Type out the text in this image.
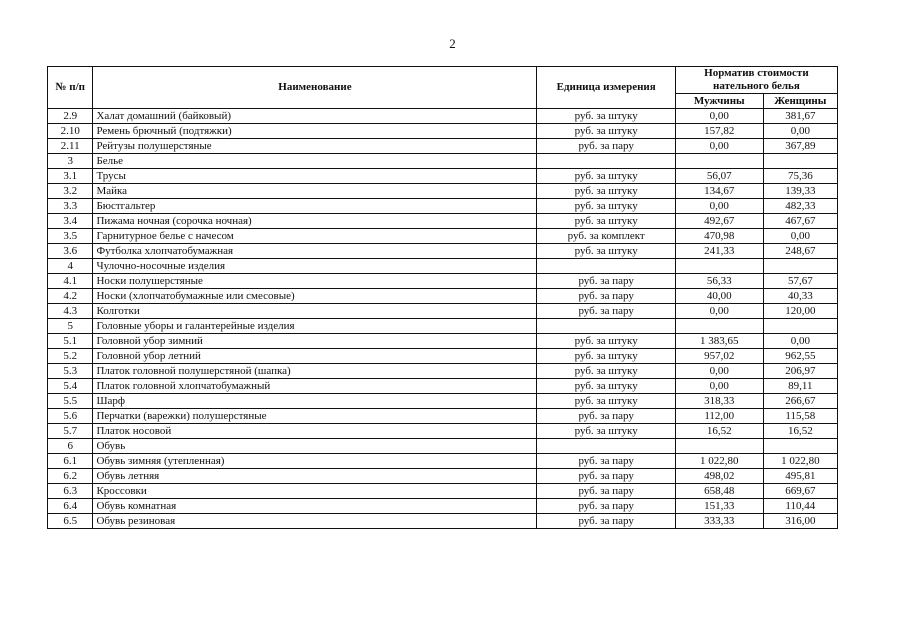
2
№ п/п	Наименование	Единица измерения	Норматив стоимости нательного белья	
			Мужчины	Женщины
2.9	Халат домашний (байковый)	руб. за штуку	0,00	381,67
2.10	Ремень брючный (подтяжки)	руб. за штуку	157,82	0,00
2.11	Рейтузы полушерстяные	руб. за пару	0,00	367,89
3	Белье			
3.1	Трусы	руб. за штуку	56,07	75,36
3.2	Майка	руб. за штуку	134,67	139,33
3.3	Бюстгальтер	руб. за штуку	0,00	482,33
3.4	Пижама ночная (сорочка ночная)	руб. за штуку	492,67	467,67
3.5	Гарнитурное белье с начесом	руб. за комплект	470,98	0,00
3.6	Футболка хлопчатобумажная	руб. за штуку	241,33	248,67
4	Чулочно-носочные изделия			
4.1	Носки полушерстяные	руб. за пару	56,33	57,67
4.2	Носки (хлопчатобумажные или смесовые)	руб. за пару	40,00	40,33
4.3	Колготки	руб. за пару	0,00	120,00
5	Головные уборы и галантерейные изделия			
5.1	Головной убор зимний	руб. за штуку	1 383,65	0,00
5.2	Головной убор летний	руб. за штуку	957,02	962,55
5.3	Платок головной полушерстяной (шапка)	руб. за штуку	0,00	206,97
5.4	Платок головной хлопчатобумажный	руб. за штуку	0,00	89,11
5.5	Шарф	руб. за штуку	318,33	266,67
5.6	Перчатки (варежки) полушерстяные	руб. за пару	112,00	115,58
5.7	Платок носовой	руб. за штуку	16,52	16,52
6	Обувь			
6.1	Обувь зимняя (утепленная)	руб. за пару	1 022,80	1 022,80
6.2	Обувь летняя	руб. за пару	498,02	495,81
6.3	Кроссовки	руб. за пару	658,48	669,67
6.4	Обувь комнатная	руб. за пару	151,33	110,44
6.5	Обувь резиновая	руб. за пару	333,33	316,00
